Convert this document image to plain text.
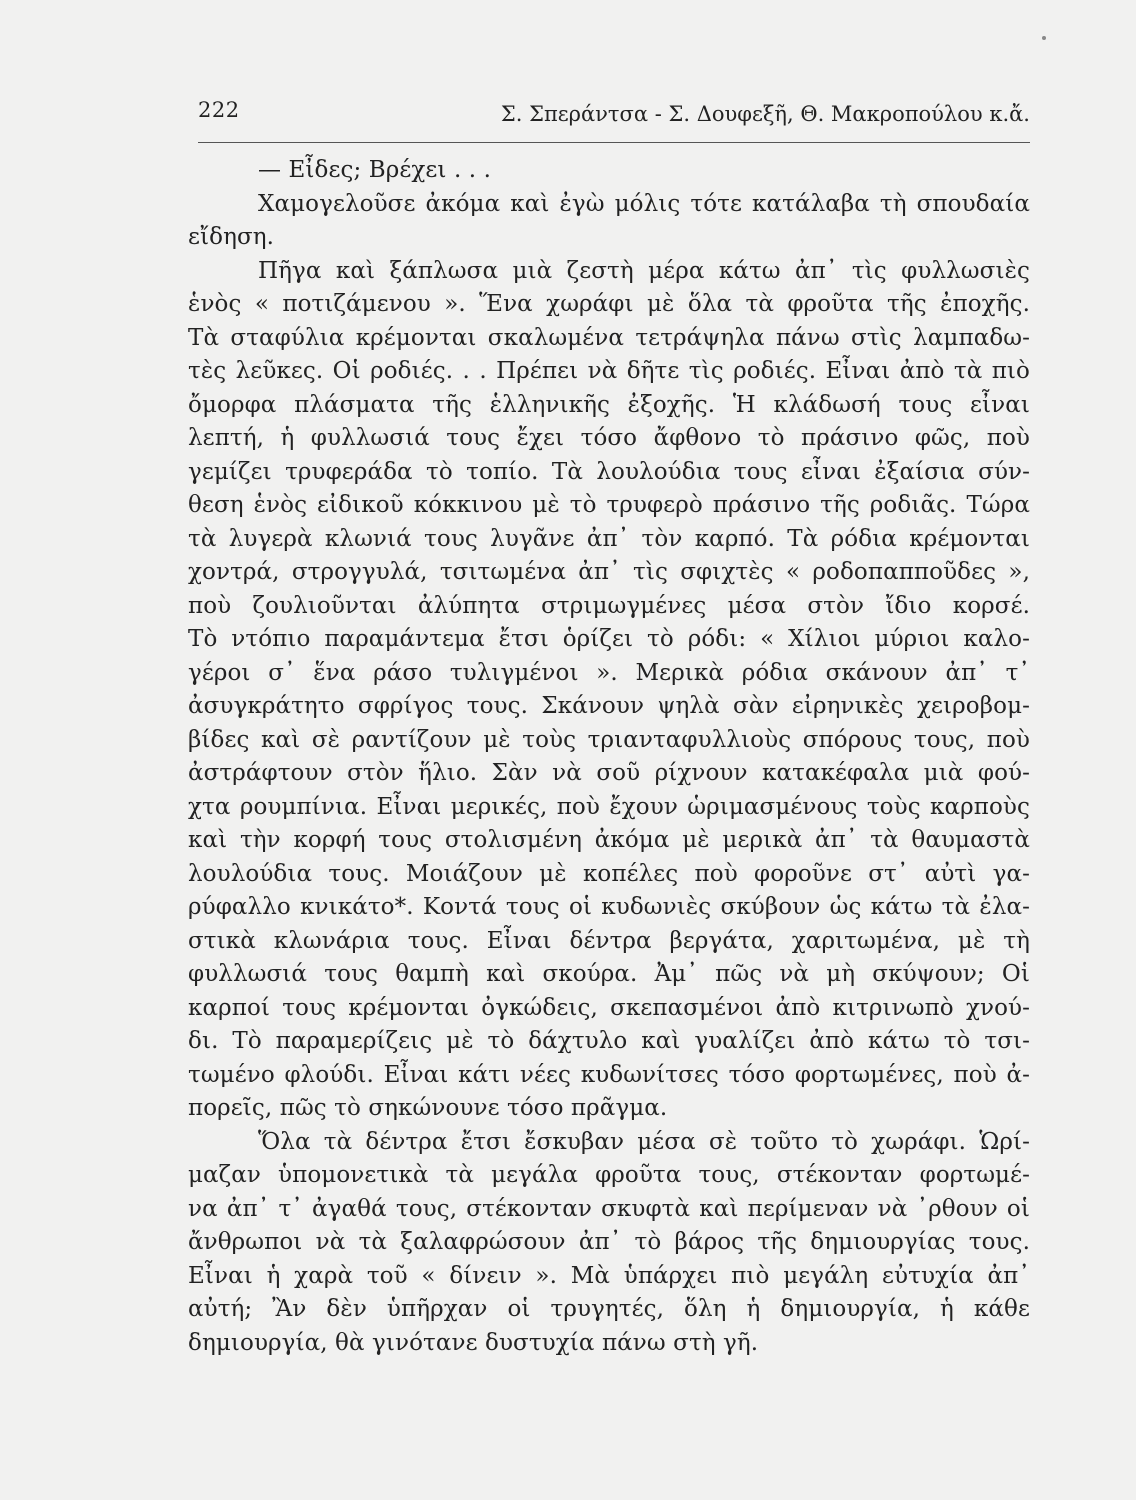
222	Σ. Σπεράντσα - Σ. Δουφεξῆ, Θ. Μακροπούλου κ.ἄ.
— Εἶδες; Βρέχει . . .
Χαμογελοῦσε ἀκόμα καὶ ἐγὼ μόλις τότε κατάλαβα τὴ σπουδαία
εἴδηση.
Πῆγα καὶ ξάπλωσα μιὰ ζεστὴ μέρα κάτω ἀπ᾿ τὶς φυλλωσιὲς
ἑνὸς « ποτιζάμενου ». Ἕνα χωράφι μὲ ὅλα τὰ φροῦτα τῆς ἐποχῆς.
Τὰ σταφύλια κρέμονται σκαλωμένα τετράψηλα πάνω στὶς λαμπαδω-
τὲς λεῦκες. Οἱ ροδιές. . . Πρέπει νὰ δῆτε τὶς ροδιές. Εἶναι ἀπὸ τὰ πιὸ
ὄμορφα πλάσματα τῆς ἑλληνικῆς ἐξοχῆς. Ἡ κλάδωσή τους εἶναι
λεπτή, ἡ φυλλωσιά τους ἔχει τόσο ἄφθονο τὸ πράσινο φῶς, ποὺ
γεμίζει τρυφεράδα τὸ τοπίο. Τὰ λουλούδια τους εἶναι ἐξαίσια σύν-
θεση ἑνὸς εἰδικοῦ κόκκινου μὲ τὸ τρυφερὸ πράσινο τῆς ροδιᾶς. Τώρα
τὰ λυγερὰ κλωνιά τους λυγᾶνε ἀπ᾿ τὸν καρπό. Τὰ ρόδια κρέμονται
χοντρά, στρογγυλά, τσιτωμένα ἀπ᾿ τὶς σφιχτὲς « ροδοπαπποῦδες »,
ποὺ ζουλιοῦνται ἀλύπητα στριμωγμένες μέσα στὸν ἴδιο κορσέ.
Τὸ ντόπιο παραμάντεμα ἔτσι ὁρίζει τὸ ρόδι: « Χίλιοι μύριοι καλο-
γέροι σ᾿ ἕνα ράσο τυλιγμένοι ». Μερικὰ ρόδια σκάνουν ἀπ᾿ τ᾿
ἀσυγκράτητο σφρίγος τους. Σκάνουν ψηλὰ σὰν εἰρηνικὲς χειροβομ-
βίδες καὶ σὲ ραντίζουν μὲ τοὺς τριανταφυλλιοὺς σπόρους τους, ποὺ
ἀστράφτουν στὸν ἥλιο. Σὰν νὰ σοῦ ρίχνουν κατακέφαλα μιὰ φού-
χτα ρουμπίνια. Εἶναι μερικές, ποὺ ἔχουν ὡριμασμένους τοὺς καρποὺς
καὶ τὴν κορφή τους στολισμένη ἀκόμα μὲ μερικὰ ἀπ᾿ τὰ θαυμαστὰ
λουλούδια τους. Μοιάζουν μὲ κοπέλες ποὺ φοροῦνε στ᾿ αὐτὶ γα-
ρύφαλλο κνικάτο*. Κοντά τους οἱ κυδωνιὲς σκύβουν ὡς κάτω τὰ ἐλα-
στικὰ κλωνάρια τους. Εἶναι δέντρα βεργάτα, χαριτωμένα, μὲ τὴ
φυλλωσιά τους θαμπὴ καὶ σκούρα. Ἀμ᾿ πῶς νὰ μὴ σκύψουν; Οἱ
καρποί τους κρέμονται ὀγκώδεις, σκεπασμένοι ἀπὸ κιτρινωπὸ χνού-
δι. Τὸ παραμερίζεις μὲ τὸ δάχτυλο καὶ γυαλίζει ἀπὸ κάτω τὸ τσι-
τωμένο φλούδι. Εἶναι κάτι νέες κυδωνίτσες τόσο φορτωμένες, ποὺ ἀ-
πορεῖς, πῶς τὸ σηκώνουνε τόσο πρᾶγμα.
Ὅλα τὰ δέντρα ἔτσι ἔσκυβαν μέσα σὲ τοῦτο τὸ χωράφι. Ὡρί-
μαζαν ὑπομονετικὰ τὰ μεγάλα φροῦτα τους, στέκονταν φορτωμέ-
να ἀπ᾿ τ᾿ ἀγαθά τους, στέκονταν σκυφτὰ καὶ περίμεναν νὰ ᾿ρθουν οἱ
ἄνθρωποι νὰ τὰ ξαλαφρώσουν ἀπ᾿ τὸ βάρος τῆς δημιουργίας τους.
Εἶναι ἡ χαρὰ τοῦ « δίνειν ». Μὰ ὑπάρχει πιὸ μεγάλη εὐτυχία ἀπ᾿
αὐτή; Ἂν δὲν ὑπῆρχαν οἱ τρυγητές, ὅλη ἡ δημιουργία, ἡ κάθε
δημιουργία, θὰ γινότανε δυστυχία πάνω στὴ γῆ.
